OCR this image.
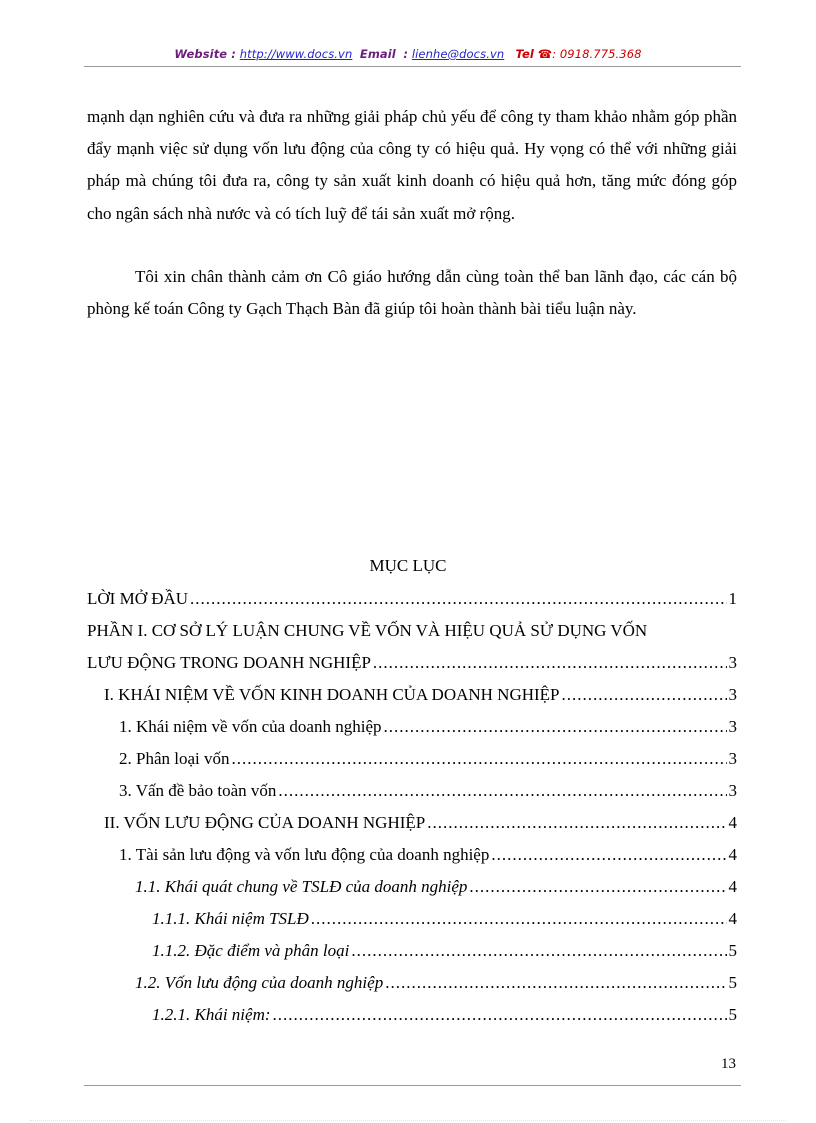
Website : http://www.docs.vn Email : lienhe@docs.vn Tel ☎: 0918.775.368

mạnh dạn nghiên cứu và đưa ra những giải pháp chủ yếu để công ty tham khảo nhằm góp phần đẩy mạnh việc sử dụng vốn lưu động của công ty có hiệu quả. Hy vọng có thể với những giải pháp mà chúng tôi đưa ra, công ty sản xuất kinh doanh có hiệu quả hơn, tăng mức đóng góp cho ngân sách nhà nước và có tích luỹ để tái sản xuất mở rộng.

Tôi xin chân thành cảm ơn Cô giáo hướng dẫn cùng toàn thể ban lãnh đạo, các cán bộ phòng kế toán Công ty Gạch Thạch Bàn đã giúp tôi hoàn thành bài tiểu luận này.

MỤC LỤC
LỜI MỞ ĐẦU .....	1
PHẦN I. CƠ SỞ LÝ LUẬN CHUNG VỀ VỐN VÀ HIỆU QUẢ SỬ DỤNG VỐN
LƯU ĐỘNG TRONG DOANH NGHIỆP .....	3
I. KHÁI NIỆM VỀ VỐN KINH DOANH CỦA DOANH NGHIỆP .....	3
1. Khái niệm về vốn của doanh nghiệp .....	3
2. Phân loại vốn .....	3
3. Vấn đề bảo toàn vốn .....	3
II. VỐN LƯU ĐỘNG CỦA DOANH NGHIỆP .....	4
1. Tài sản lưu động và vốn lưu động của doanh nghiệp .....	4
1.1. Khái quát chung về TSLĐ của doanh nghiệp .....	4
1.1.1. Khái niệm TSLĐ .....	4
1.1.2. Đặc điểm và phân loại .....	5
1.2. Vốn lưu động của doanh nghiệp .....	5
1.2.1. Khái niệm: .....	5
13
